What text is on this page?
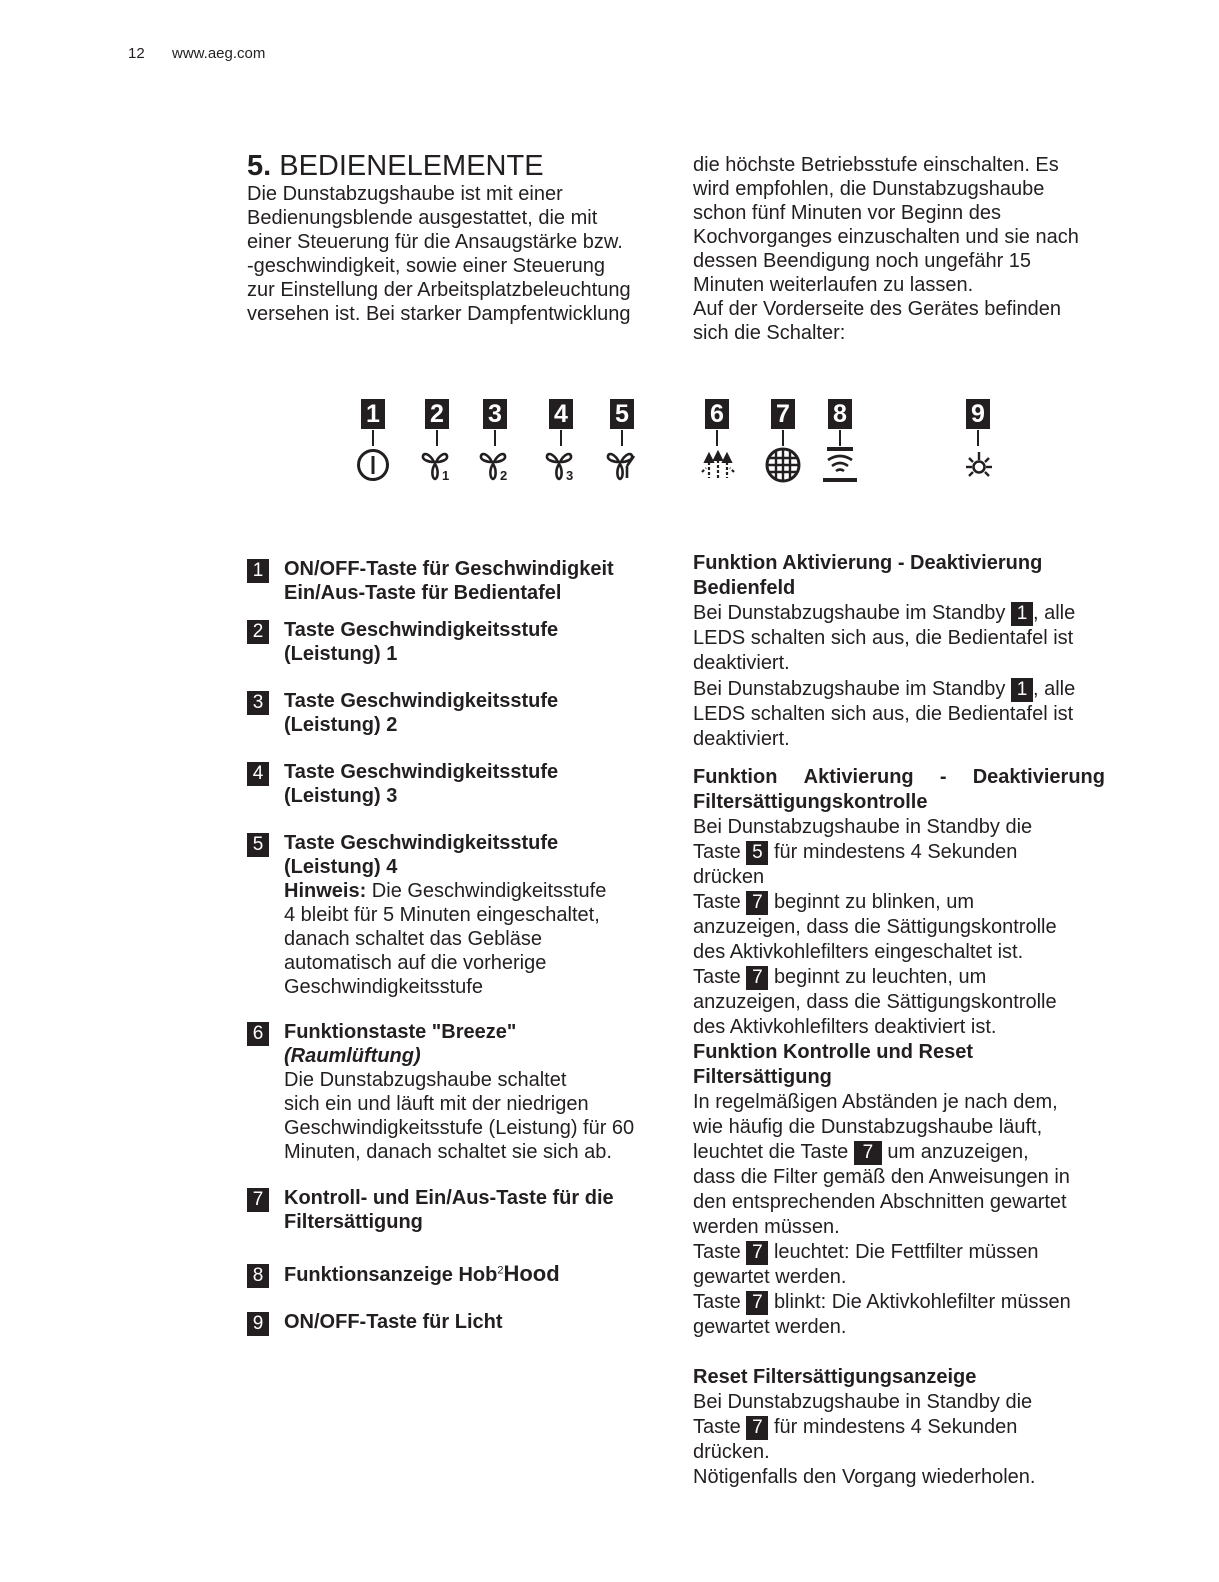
12 www.aeg.com
5. BEDIENELEMENTE
Die Dunstabzugshaube ist mit einer
Bedienungsblende ausgestattet, die mit
einer Steuerung für die Ansaugstärke bzw.
-geschwindigkeit, sowie einer Steuerung
zur Einstellung der Arbeitsplatzbeleuchtung
versehen ist. Bei starker Dampfentwicklung
die höchste Betriebsstufe einschalten. Es
wird empfohlen, die Dunstabzugshaube
schon fünf Minuten vor Beginn des
Kochvorganges einzuschalten und sie nach
dessen Beendigung noch ungefähr 15
Minuten weiterlaufen zu lassen.
Auf der Vorderseite des Gerätes befinden
sich die Schalter:
1 2 3 4 5	6 7 8	9
1	2	3
1 ON/OFF-Taste für Geschwindigkeit
Ein/Aus-Taste für Bedientafel
2 Taste Geschwindigkeitsstufe
(Leistung) 1
3 Taste Geschwindigkeitsstufe
(Leistung) 2
4 Taste Geschwindigkeitsstufe
(Leistung) 3
5 Taste Geschwindigkeitsstufe
(Leistung) 4
Hinweis: Die Geschwindigkeitsstufe
4 bleibt für 5 Minuten eingeschaltet,
danach schaltet das Gebläse
automatisch auf die vorherige
Geschwindigkeitsstufe
6 Funktionstaste "Breeze"
(Raumlüftung)
Die Dunstabzugshaube schaltet
sich ein und läuft mit der niedrigen
Geschwindigkeitsstufe (Leistung) für 60
Minuten, danach schaltet sie sich ab.
7 Kontroll- und Ein/Aus-Taste für die
Filtersättigung
8 Funktionsanzeige Hob$^2$Hood
9 ON/OFF-Taste für Licht
Funktion Aktivierung - Deaktivierung
Bedienfeld
Bei Dunstabzugshaube im Standby 1 , alle
LEDS schalten sich aus, die Bedientafel ist
deaktiviert.
Bei Dunstabzugshaube im Standby 1 , alle
LEDS schalten sich aus, die Bedientafel ist
deaktiviert.
Funktion Aktivierung - Deaktivierung
Filtersättigungskontrolle
Bei Dunstabzugshaube in Standby die
Taste 5 für mindestens 4 Sekunden
drücken
Taste 7 beginnt zu blinken, um
anzuzeigen, dass die Sättigungskontrolle
des Aktivkohlefilters eingeschaltet ist.
Taste 7 beginnt zu leuchten, um
anzuzeigen, dass die Sättigungskontrolle
des Aktivkohlefilters deaktiviert ist.
Funktion Kontrolle und Reset
Filtersättigung
In regelmäßigen Abständen je nach dem,
wie häufig die Dunstabzugshaube läuft,
leuchtet die Taste 7 um anzuzeigen,
dass die Filter gemäß den Anweisungen in
den entsprechenden Abschnitten gewartet
werden müssen.
Taste 7 leuchtet: Die Fettfilter müssen
gewartet werden.
Taste 7 blinkt: Die Aktivkohlefilter müssen
gewartet werden.
Reset Filtersättigungsanzeige
Bei Dunstabzugshaube in Standby die
Taste 7 für mindestens 4 Sekunden
drücken.
Nötigenfalls den Vorgang wiederholen.
